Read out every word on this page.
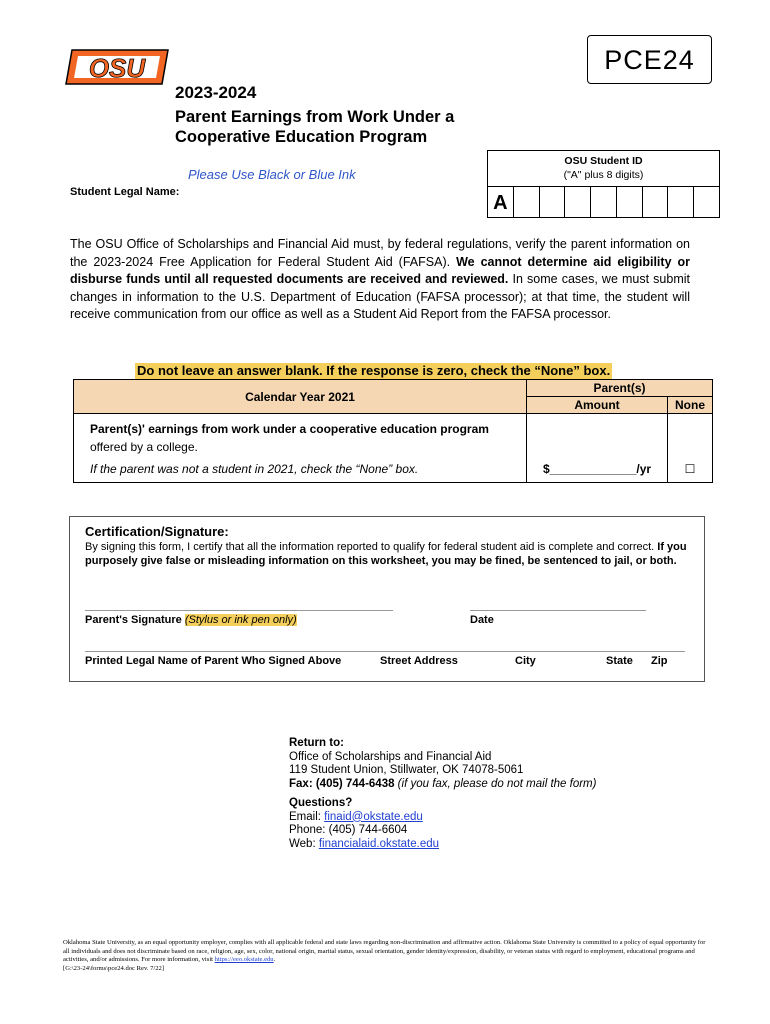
OSU	PCE24
2023-2024
Parent Earnings from Work Under a
Cooperative Education Program
Please Use Black or Blue Ink
Student Legal Name:
OSU Student ID
("A" plus 8 digits)
A
The OSU Office of Scholarships and Financial Aid must, by federal regulations, verify the parent information on the 2023-2024 Free Application for Federal Student Aid (FAFSA). We cannot determine aid eligibility or disburse funds until all requested documents are received and reviewed. In some cases, we must submit changes in information to the U.S. Department of Education (FAFSA processor); at that time, the student will receive communication from our office as well as a Student Aid Report from the FAFSA processor.
Do not leave an answer blank. If the response is zero, check the “None” box.
Calendar Year 2021	Parent(s)	
	Amount	None
Parent(s)' earnings from work under a cooperative education program offered by a college.
If the parent was not a student in 2021, check the “None” box.	$_____________/yr	☐
Certification/Signature:
By signing this form, I certify that all the information reported to qualify for federal student aid is complete and correct. If you purposely give false or misleading information on this worksheet, you may be fined, be sentenced to jail, or both.
Parent's Signature (Stylus or ink pen only)	Date
Printed Legal Name of Parent Who Signed Above	Street Address	City	State Zip
Return to:
Office of Scholarships and Financial Aid
119 Student Union, Stillwater, OK 74078-5061
Fax: (405) 744-6438 (if you fax, please do not mail the form)
Questions?
Email: finaid@okstate.edu
Phone: (405) 744-6604
Web: financialaid.okstate.edu
Oklahoma State University, as an equal opportunity employer, complies with all applicable federal and state laws regarding non-discrimination and affirmative action. Oklahoma State University is committed to a policy of equal opportunity for all individuals and does not discriminate based on race, religion, age, sex, color, national origin, marital status, sexual orientation, gender identity/expression, disability, or veteran status with regard to employment, educational programs and activities, and/or admissions. For more information, visit https://eeo.okstate.edu.
[G:\23-24\forms\pce24.doc Rev. 7/22]
